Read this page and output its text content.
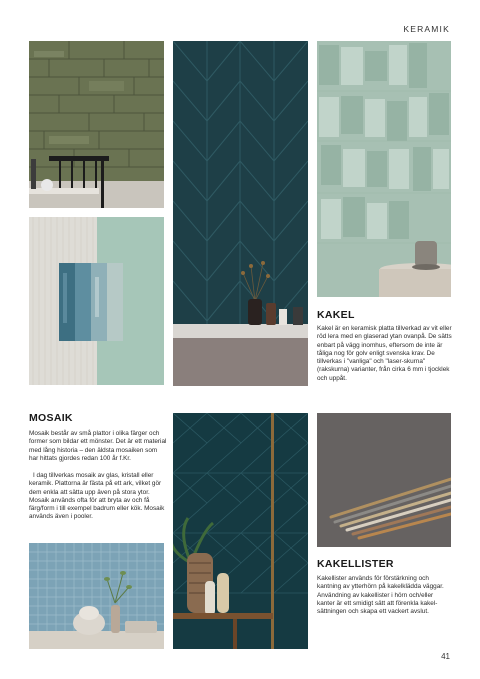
KERAMIK
KAKEL

Kakel är en keramisk platta tillverkad av vit eller röd lera med en glaserad ytan ovanpå. De sätts enbart på vägg inomhus, eftersom de inte är tåliga nog för golv enligt svenska krav. De tillverkas i "vanliga" och "laser-skurna" (rakskurna) varianter, från cirka 6 mm i tjocklek och uppåt.

MOSAIK

Mosaik består av små plattor i olika färger och former som bildar ett mönster. Det är ett material med lång historia – den äldsta mosaiken som har hittats gjordes redan 100 år f.Kr.

I dag tillverkas mosaik av glas, kristall eller keramik. Plattorna är fästa på ett ark, vilket gör dem enkla att sätta upp även på stora ytor. Mosaik används ofta för att bryta av och få färg/form i till exempel badrum eller kök. Mosaik används även i pooler.

KAKELLISTER

Kakellister används för förstärkning och kantning av ytterhörn på kakelklädda väggar. Användning av kakellister i hörn och/eller kanter är ett smidigt sätt att förenkla kakel-sättningen och skapa ett vackert avslut.

41
